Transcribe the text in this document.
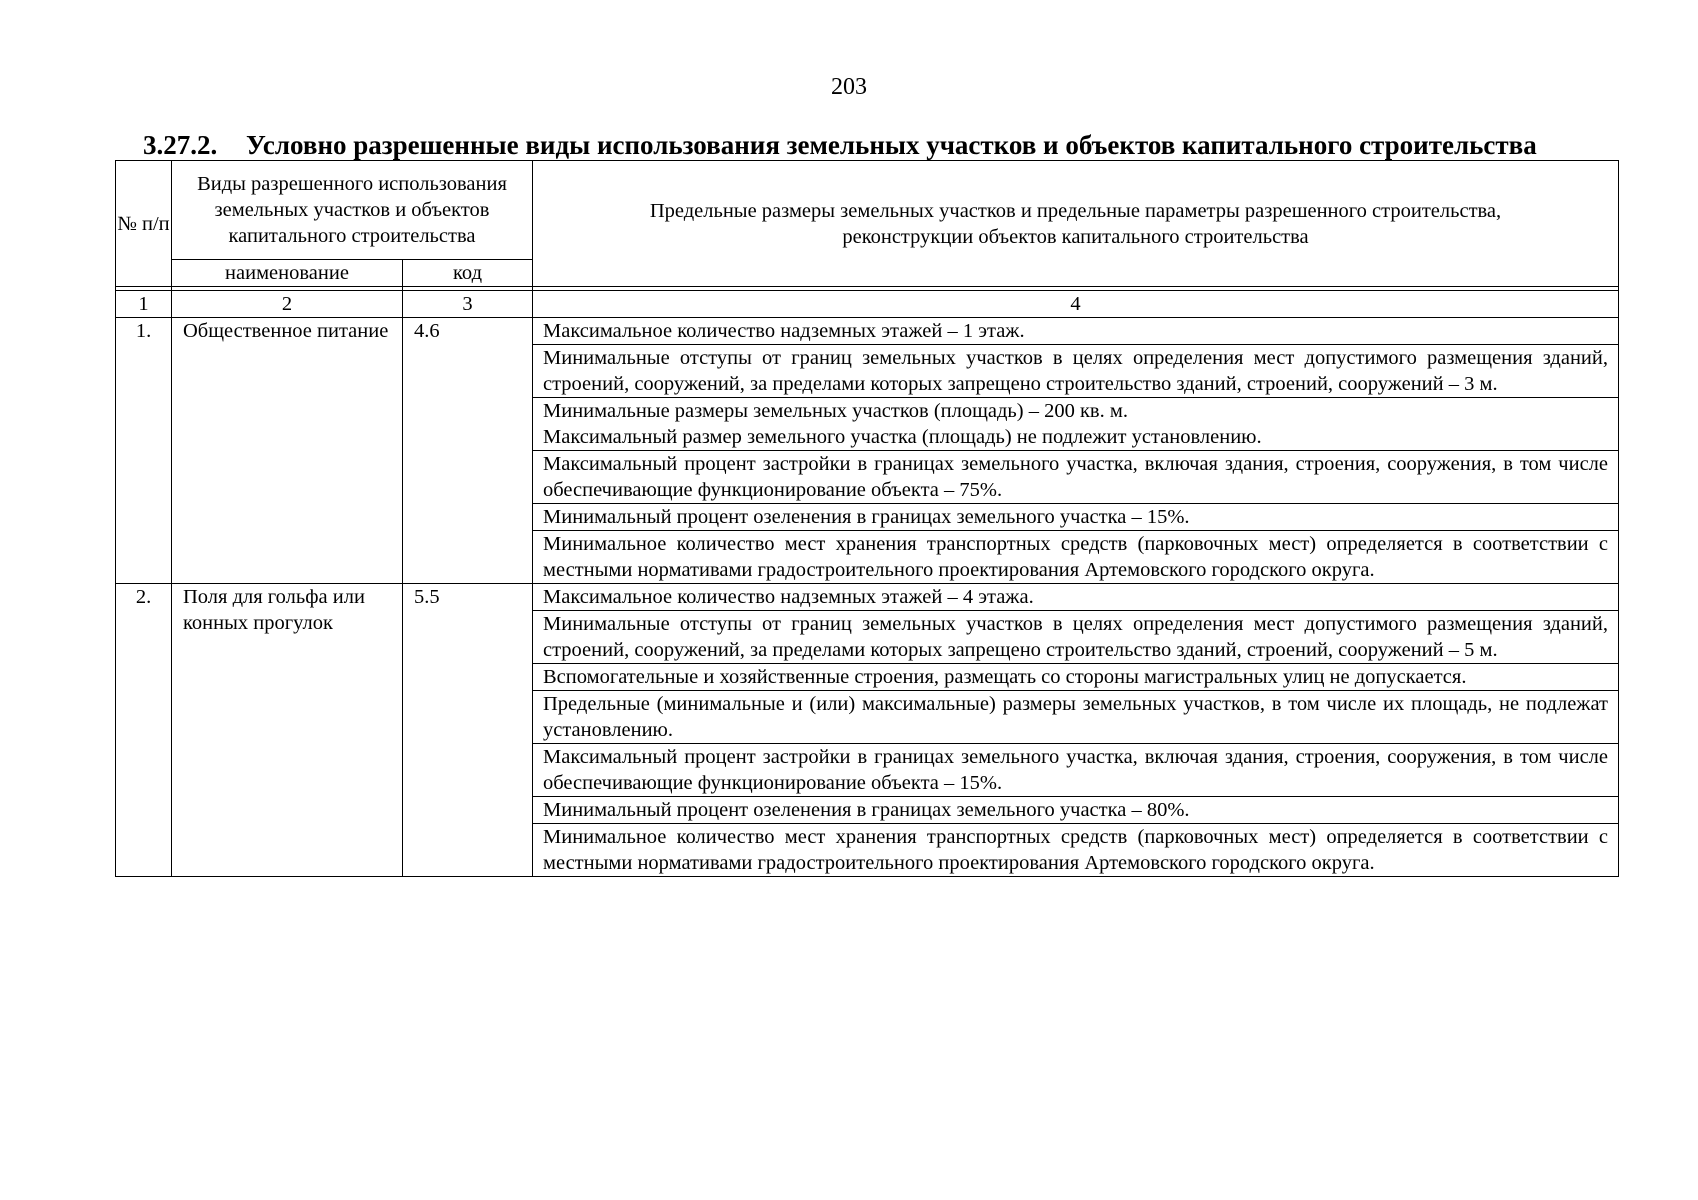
203
3.27.2. Условно разрешенные виды использования земельных участков и объектов капитального строительства
№ п/п	Виды разрешенного использования земельных участков и объектов капитального строительства		Предельные размеры земельных участков и предельные параметры разрешенного строительства, реконструкции объектов капитального строительства
	наименование	код	

1	2	3	4
1.	Общественное питание	4.6	Максимальное количество надземных этажей – 1 этаж.
			Минимальные отступы от границ земельных участков в целях определения мест допустимого размещения зданий, строений, сооружений, за пределами которых запрещено строительство зданий, строений, сооружений – 3 м.
			Минимальные размеры земельных участков (площадь) – 200 кв. м.
Максимальный размер земельного участка (площадь) не подлежит установлению.
			Максимальный процент застройки в границах земельного участка, включая здания, строения, сооружения, в том числе обеспечивающие функционирование объекта – 75%.
			Минимальный процент озеленения в границах земельного участка – 15%.
			Минимальное количество мест хранения транспортных средств (парковочных мест) определяется в соответствии с местными нормативами градостроительного проектирования Артемовского городского округа.
2.	Поля для гольфа или конных прогулок	5.5	Максимальное количество надземных этажей – 4 этажа.
			Минимальные отступы от границ земельных участков в целях определения мест допустимого размещения зданий, строений, сооружений, за пределами которых запрещено строительство зданий, строений, сооружений – 5 м.
			Вспомогательные и хозяйственные строения, размещать со стороны магистральных улиц не допускается.
			Предельные (минимальные и (или) максимальные) размеры земельных участков, в том числе их площадь, не подлежат установлению.
			Максимальный процент застройки в границах земельного участка, включая здания, строения, сооружения, в том числе обеспечивающие функционирование объекта – 15%.
			Минимальный процент озеленения в границах земельного участка – 80%.
			Минимальное количество мест хранения транспортных средств (парковочных мест) определяется в соответствии с местными нормативами градостроительного проектирования Артемовского городского округа.
